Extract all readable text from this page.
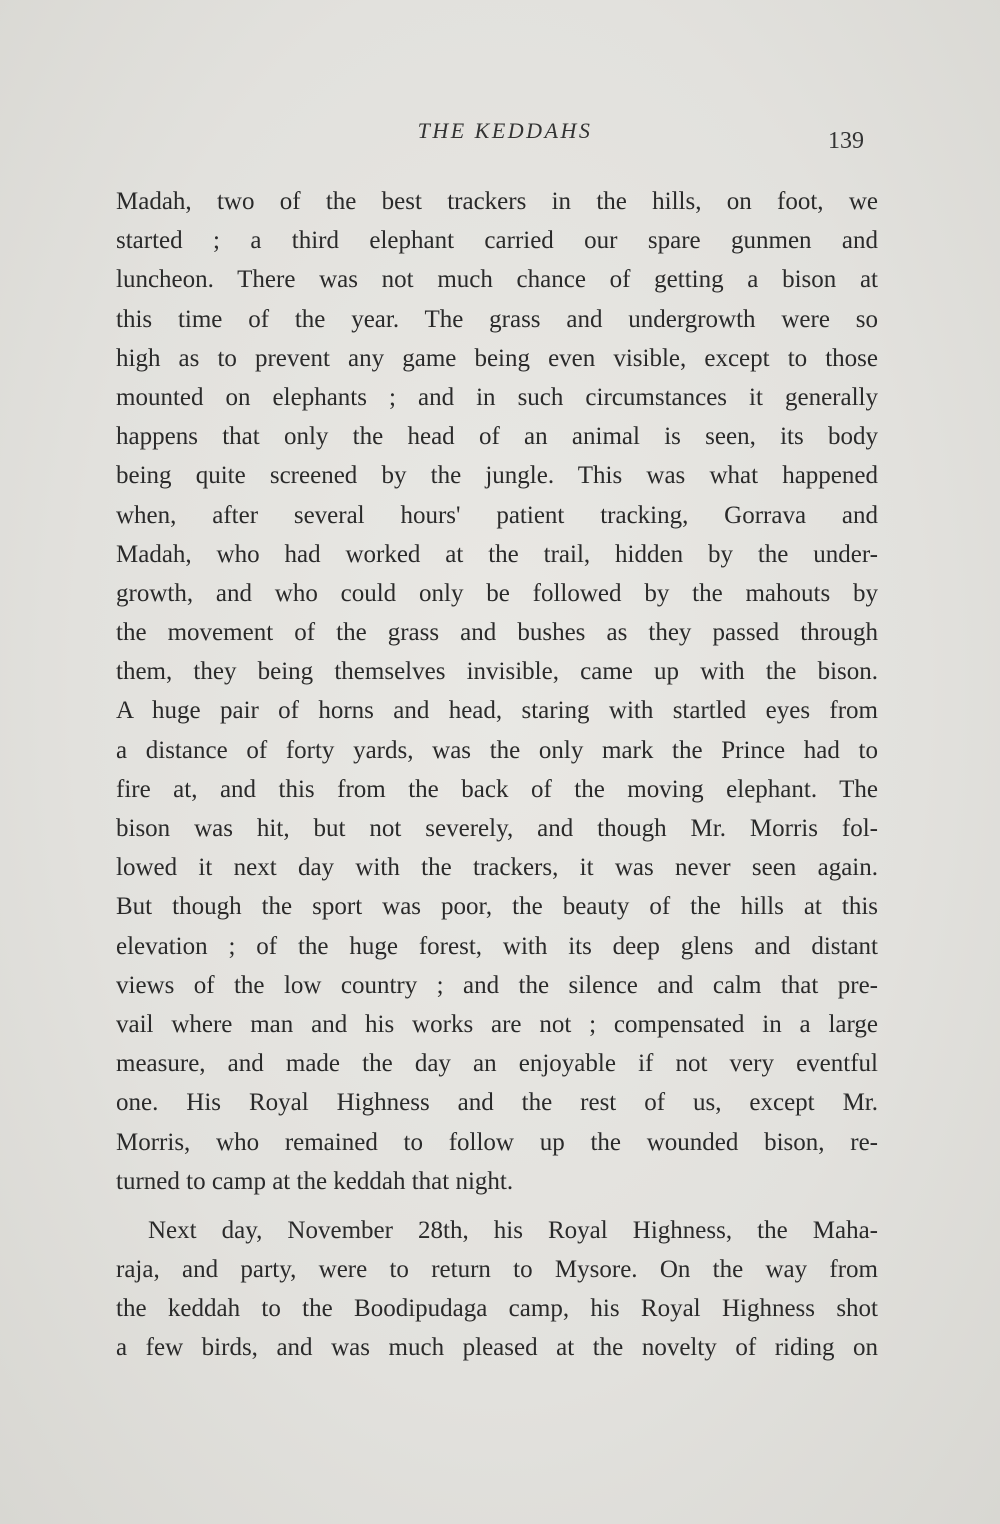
THE KEDDAHS	139
Madah, two of the best trackers in the hills, on foot, we
started ; a third elephant carried our spare gunmen and
luncheon. There was not much chance of getting a bison at
this time of the year. The grass and undergrowth were so
high as to prevent any game being even visible, except to those
mounted on elephants ; and in such circumstances it generally
happens that only the head of an animal is seen, its body
being quite screened by the jungle. This was what happened
when, after several hours' patient tracking, Gorrava and
Madah, who had worked at the trail, hidden by the under-
growth, and who could only be followed by the mahouts by
the movement of the grass and bushes as they passed through
them, they being themselves invisible, came up with the bison.
A huge pair of horns and head, staring with startled eyes from
a distance of forty yards, was the only mark the Prince had to
fire at, and this from the back of the moving elephant. The
bison was hit, but not severely, and though Mr. Morris fol-
lowed it next day with the trackers, it was never seen again.
But though the sport was poor, the beauty of the hills at this
elevation ; of the huge forest, with its deep glens and distant
views of the low country ; and the silence and calm that pre-
vail where man and his works are not ; compensated in a large
measure, and made the day an enjoyable if not very eventful
one. His Royal Highness and the rest of us, except Mr.
Morris, who remained to follow up the wounded bison, re-
turned to camp at the keddah that night.
Next day, November 28th, his Royal Highness, the Maha-
raja, and party, were to return to Mysore. On the way from
the keddah to the Boodipudaga camp, his Royal Highness shot
a few birds, and was much pleased at the novelty of riding on
